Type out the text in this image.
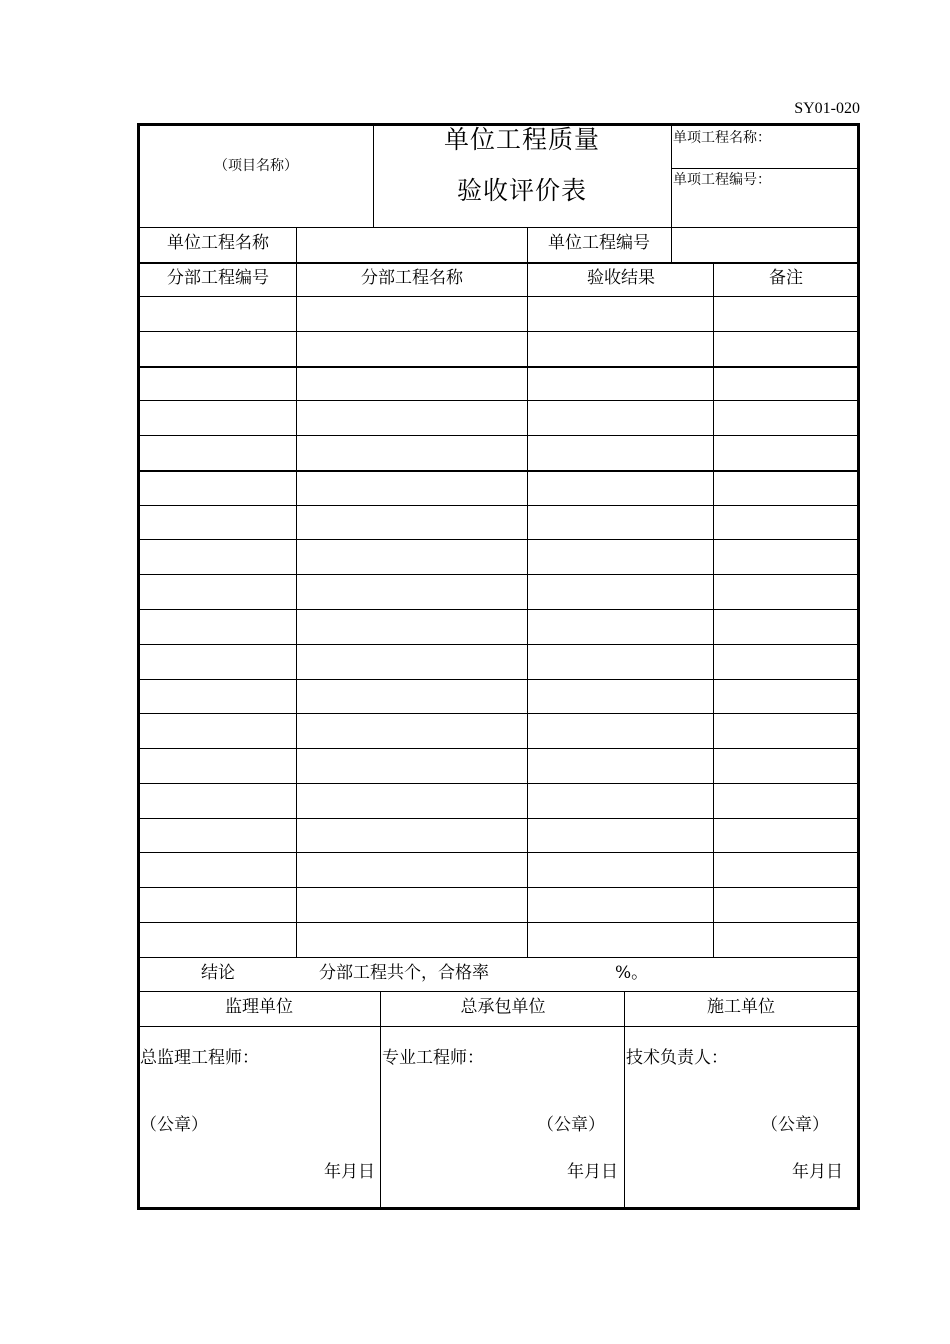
SY01-020
（项目名称）
单位工程质量
验收评价表
单项工程名称：
单项工程编号：
单位工程名称	单位工程编号
分部工程编号	分部工程名称	验收结果	备注
结论	分部工程共个，合格率	%。
监理单位	总承包单位	施工单位
总监理工程师：	专业工程师：	技术负责人：
（公章）	（公章）	（公章）
年月日	年月日	年月日
